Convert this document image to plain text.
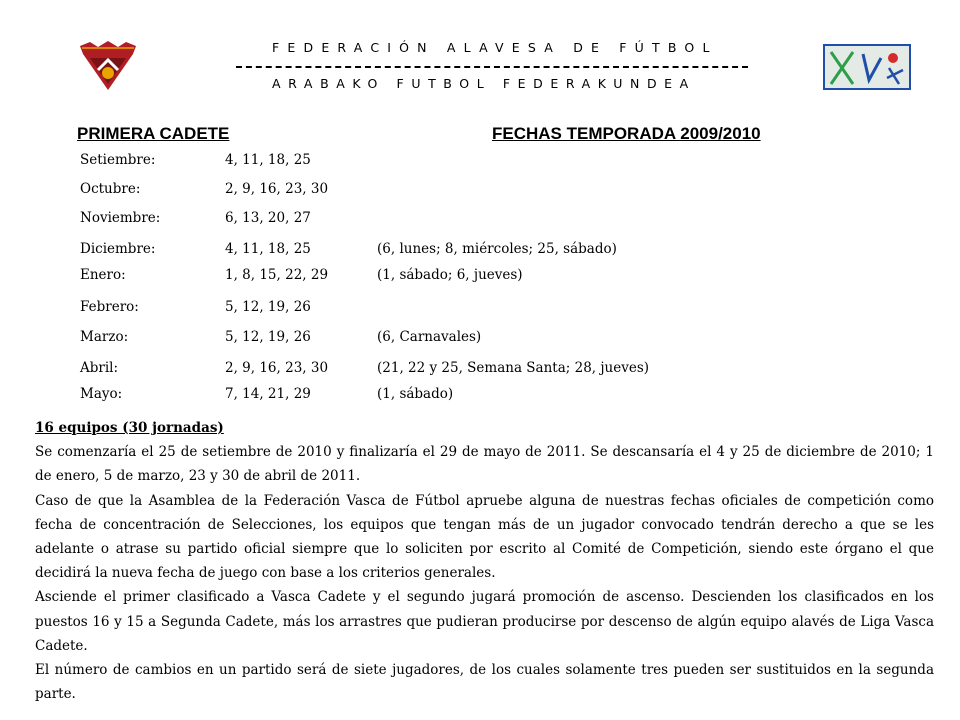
FEDERACIÓN ALAVESA DE FÚTBOL
ARABAKO FUTBOL FEDERAKUNDEA
PRIMERA CADETE	FECHAS TEMPORADA 2009/2010
Setiembre:	4, 11, 18, 25
Octubre:	2, 9, 16, 23, 30
Noviembre:	6, 13, 20, 27
Diciembre:	4, 11, 18, 25	(6, lunes; 8, miércoles; 25, sábado)
Enero:	1, 8, 15, 22, 29	(1, sábado; 6, jueves)
Febrero:	5, 12, 19, 26
Marzo:	5, 12, 19, 26	(6, Carnavales)
Abril:	2, 9, 16, 23, 30	(21, 22 y 25, Semana Santa; 28, jueves)
Mayo:	7, 14, 21, 29	(1, sábado)

16 equipos (30 jornadas)

Se comenzaría el 25 de setiembre de 2010 y finalizaría el 29 de mayo de 2011. Se descansaría el 4 y 25 de diciembre de 2010; 1 de enero, 5 de marzo, 23 y 30 de abril de 2011.

Caso de que la Asamblea de la Federación Vasca de Fútbol apruebe alguna de nuestras fechas oficiales de competición como fecha de concentración de Selecciones, los equipos que tengan más de un jugador convocado tendrán derecho a que se les adelante o atrase su partido oficial siempre que lo soliciten por escrito al Comité de Competición, siendo este órgano el que decidirá la nueva fecha de juego con base a los criterios generales.

Asciende el primer clasificado a Vasca Cadete y el segundo jugará promoción de ascenso. Descienden los clasificados en los puestos 16 y 15 a Segunda Cadete, más los arrastres que pudieran producirse por descenso de algún equipo alavés de Liga Vasca Cadete.

El número de cambios en un partido será de siete jugadores, de los cuales solamente tres pueden ser sustituidos en la segunda parte.
